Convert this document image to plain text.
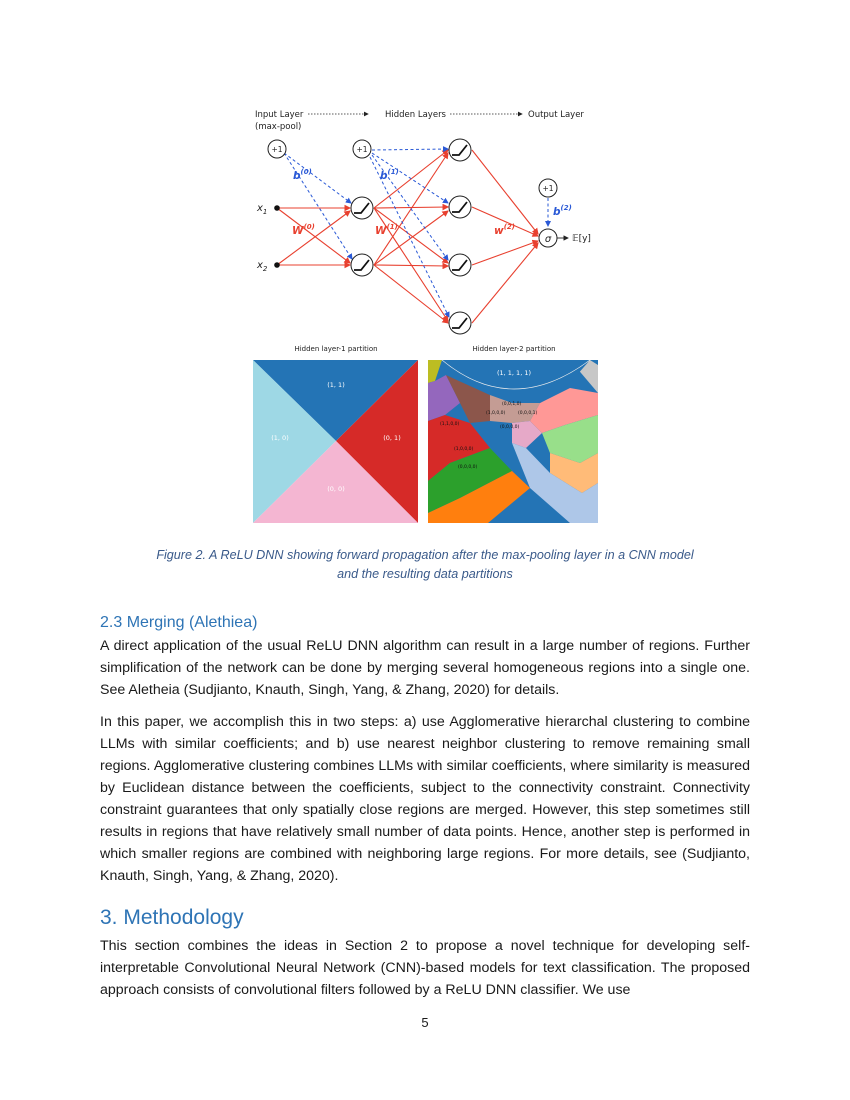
Input Layer
(max-pool)
Hidden Layers	Output Layer
+1	+1
+1
$x_1$
$x_2$
σ 𝔼[y]
$W^{(0)}$	$W^{(1)}$	$w^{(2)}$
$b^{(0)}$	$b^{(1)}$
$b^{(2)}$
Hidden layer-1 partition	Hidden layer-2 partition
(1, 1)
(1, 0)	(0, 1)
(0, 0)
(1, 1, 1, 1)
(1,1,0,0)
(1,0,0,0)
(0,0,0,0)
(1,0,0,0)	(0,0,0,1)
(0,0,1,0)
(0,0,0,0)
Figure 2. A ReLU DNN showing forward propagation after the max-pooling layer in a CNN model
and the resulting data partitions
2.3 Merging (Alethiea)
A direct application of the usual ReLU DNN algorithm can result in a large number of regions. Further simplification of the network can be done by merging several homogeneous regions into a single one. See Aletheia (Sudjianto, Knauth, Singh, Yang, & Zhang, 2020) for details.
In this paper, we accomplish this in two steps: a) use Agglomerative hierarchal clustering to combine LLMs with similar coefficients; and b) use nearest neighbor clustering to remove remaining small regions. Agglomerative clustering combines LLMs with similar coefficients, where similarity is measured by Euclidean distance between the coefficients, subject to the connectivity constraint. Connectivity constraint guarantees that only spatially close regions are merged. However, this step sometimes still results in regions that have relatively small number of data points. Hence, another step is performed in which smaller regions are combined with neighboring large regions. For more details, see (Sudjianto, Knauth, Singh, Yang, & Zhang, 2020).
3. Methodology
This section combines the ideas in Section 2 to propose a novel technique for developing self-interpretable Convolutional Neural Network (CNN)-based models for text classification. The proposed approach consists of convolutional filters followed by a ReLU DNN classifier. We use
5
